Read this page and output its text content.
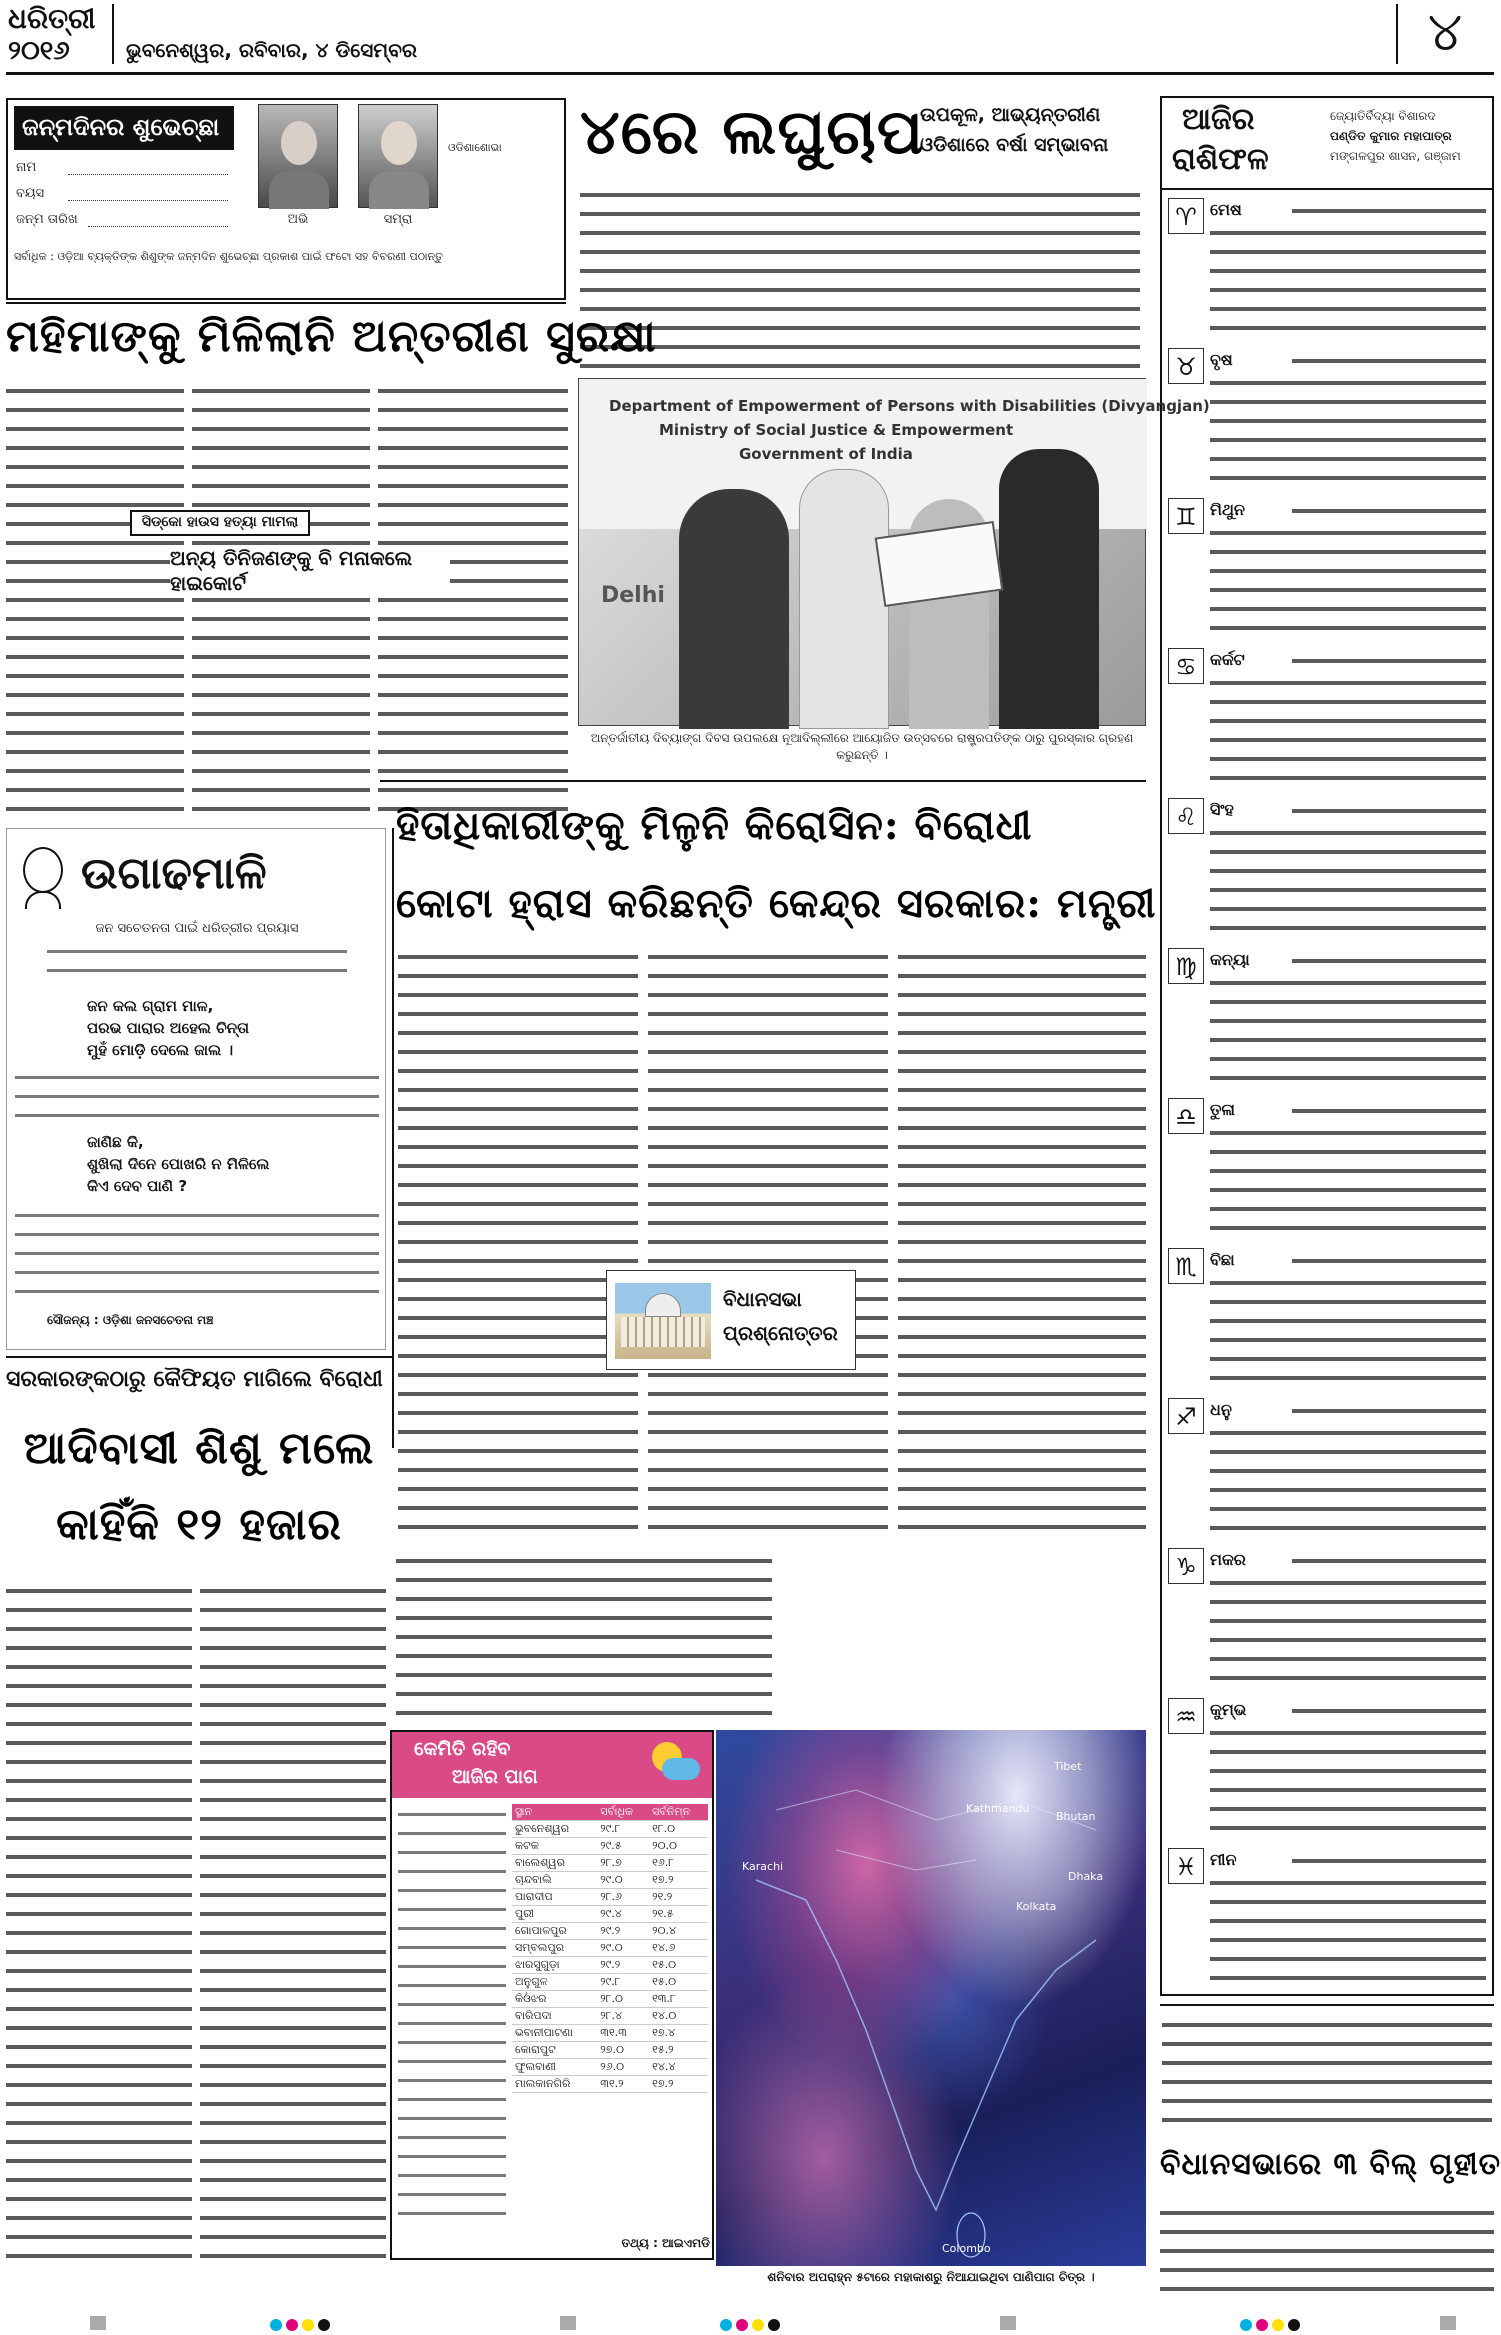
ଧରିତ୍ରୀ
୨୦୧୬	ଭୁବନେଶ୍ୱର, ରବିବାର, ୪ ଡିସେମ୍ବର	୪
ଜନ୍ମଦିନର ଶୁଭେଚ୍ଛା
ନାମ
ବୟସ
ଜନ୍ମ ତାରିଖ	ଅଭି	ସମ୍ରା
ଓଡିଶାଶୋଭା
ସର୍ବାଧିକ : ଓଡ଼ିଆ ବ୍ୟକ୍ତିଙ୍କ ଶିଶୁଙ୍କ ଜନ୍ମଦିନ ଶୁଭେଚ୍ଛା ପ୍ରକାଶ ପାଇଁ ଫଟୋ ସହ ବିବରଣୀ ପଠାନ୍ତୁ
୪ରେ ଲଘୁଚାପ
ଉପକୂଳ, ଆଭ୍ୟନ୍ତରୀଣ
ଓଡିଶାରେ ବର୍ଷା ସମ୍ଭାବନା
ଆଜିର
ରାଶିଫଳ
ଜ୍ୟୋତିର୍ବିଦ୍ୟା ବିଶାରଦ
ପଣ୍ଡିତ କୁମାର ମହାପାତ୍ର
ମଙ୍ଗଳପୁର ଶାସନ, ଗଞ୍ଜାମ
♈ ମେଷ
♉ ବୃଷ
♊ ମିଥୁନ
♋ କର୍କଟ
♌ ସିଂହ
♍ କନ୍ୟା
♎ ତୁଳା
♏ ବିଛା
♐ ଧନୁ
♑ ମକର
♒ କୁମ୍ଭ
♓ ମୀନ
ମହିମାଙ୍କୁ ମିଳିଲାନି ଅନ୍ତରୀଣ ସୁରକ୍ଷା
ସିଡ୍‌କୋ ହାଉସ ହତ୍ୟା ମାମଲା
ଅନ୍ୟ ତିନିଜଣଙ୍କୁ ବି ମନାକଲେ ହାଇକୋର୍ଟ
Department of Empowerment of Persons with Disabilities (Divyangjan)
Ministry of Social Justice & Empowerment
Government of India
Delhi
ଅନ୍ତର୍ଜାତୀୟ ଦିବ୍ୟାଙ୍ଗ ଦିବସ ଉପଲକ୍ଷେ ନୂଆଦିଲ୍ଲୀରେ ଆୟୋଜିତ ଉତ୍ସବରେ ରାଷ୍ଟ୍ରପତିଙ୍କ ଠାରୁ ପୁରସ୍କାର ଗ୍ରହଣ କରୁଛନ୍ତି ।
ଉଗାଢମାଳି
ଜନ ସଚେତନତା ପାଇଁ ଧରିତ୍ରୀର ପ୍ରୟାସ
ଜନ କଲ ଗ୍ରାମ ମାଳ,
ପରଭ ପାରାର ଅହେଲ ଚିନ୍ତା
ମୁହଁ ମୋଡ଼ି ଦେଲେ ଜାଲ ।
ଜାଣିଛ କି,
ଶୁଖିଲା ଦିନେ ପୋଖରି ନ ମିଳିଲେ
କିଏ ଦେବ ପାଣି ?
ସୌଜନ୍ୟ : ଓଡ଼ିଶା ଜନସଚେତନା ମଞ୍ଚ
ହିତାଧିକାରୀଙ୍କୁ ମିଳୁନି କିରୋସିନ: ବିରୋଧୀ
କୋଟା ହ୍ରାସ କରିଛନ୍ତି କେନ୍ଦ୍ର ସରକାର: ମନ୍ତ୍ରୀ
ବିଧାନସଭା
ପ୍ରଶ୍ନୋତ୍ତର
ସରକାରଙ୍କଠାରୁ କୈଫିୟତ ମାଗିଲେ ବିରୋଧୀ
ଆଦିବାସୀ ଶିଶୁ ମଲେ
କାହିଁକି ୧୨ ହଜାର
କେମିତି ରହିବ
ଆଜିର ପାଗ
ସ୍ଥାନ	ସର୍ବାଧିକ	ସର୍ବନିମ୍ନ
ଭୁବନେଶ୍ୱର	୨୯.୮	୧୮.୦
କଟକ	୨୯.୫	୨୦.୦
ବାଲେଶ୍ୱର	୨୮.୭	୧୬.୮
ଚାନ୍ଦବାଲି	୨୯.୦	୧୭.୨
ପାରାଦୀପ	୨୮.୬	୨୧.୨
ପୁରୀ	୨୯.୪	୨୧.୫
ଗୋପାଳପୁର	୨୯.୨	୨୦.୪
ସମ୍ବଲପୁର	୨୯.୦	୧୪.୬
ଝାରସୁଗୁଡ଼ା	୨୯.୨	୧୫.୦
ଅନୁଗୁଳ	୨୯.୮	୧୫.୦
କିଓଁଝର	୨୮.୦	୧୩.୮
ବାରିପଦା	୨୮.୪	୧୪.୦
ଭବାନୀପାଟଣା	୩୧.୩	୧୭.୪
କୋରାପୁଟ	୨୭.୦	୧୫.୨
ଫୁଲବାଣୀ	୨୬.୦	୧୪.୪
ମାଲକାନଗିରି	୩୧.୨	୧୭.୨
ତଥ୍ୟ : ଆଇଏମଡି
Tibet
Kathmandu
Bhutan
Dhaka
Karachi
Kolkata
Colombo
ଶନିବାର ଅପରାହ୍ନ ୫ଟାରେ ମହାକାଶରୁ ନିଆଯାଇଥିବା ପାଣିପାଗ ଚିତ୍ର ।
ବିଧାନସଭାରେ ୩ ବିଲ୍ ଗୃହୀତ
